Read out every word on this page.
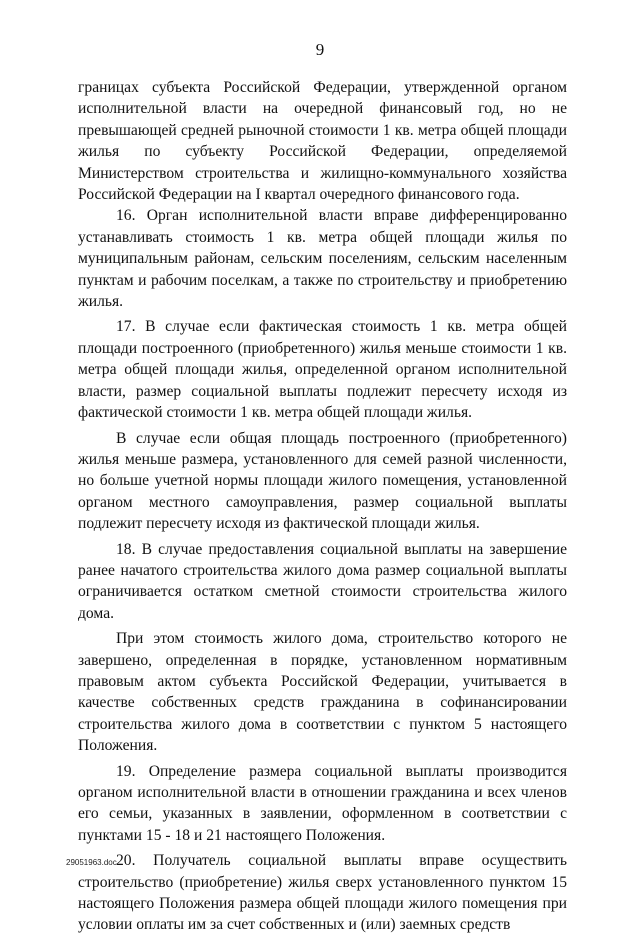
9

границах субъекта Российской Федерации, утвержденной органом исполнительной власти на очередной финансовый год, но не превышающей средней рыночной стоимости 1 кв. метра общей площади жилья по субъекту Российской Федерации, определяемой Министерством строительства и жилищно-коммунального хозяйства Российской Федерации на I квартал очередного финансового года.

16. Орган исполнительной власти вправе дифференцированно устанавливать стоимость 1 кв. метра общей площади жилья по муниципальным районам, сельским поселениям, сельским населенным пунктам и рабочим поселкам, а также по строительству и приобретению жилья.

17. В случае если фактическая стоимость 1 кв. метра общей площади построенного (приобретенного) жилья меньше стоимости 1 кв. метра общей площади жилья, определенной органом исполнительной власти, размер социальной выплаты подлежит пересчету исходя из фактической стоимости 1 кв. метра общей площади жилья.

В случае если общая площадь построенного (приобретенного) жилья меньше размера, установленного для семей разной численности, но больше учетной нормы площади жилого помещения, установленной органом местного самоуправления, размер социальной выплаты подлежит пересчету исходя из фактической площади жилья.

18. В случае предоставления социальной выплаты на завершение ранее начатого строительства жилого дома размер социальной выплаты ограничивается остатком сметной стоимости строительства жилого дома.

При этом стоимость жилого дома, строительство которого не завершено, определенная в порядке, установленном нормативным правовым актом субъекта Российской Федерации, учитывается в качестве собственных средств гражданина в софинансировании строительства жилого дома в соответствии с пунктом 5 настоящего Положения.

19. Определение размера социальной выплаты производится органом исполнительной власти в отношении гражданина и всех членов его семьи, указанных в заявлении, оформленном в соответствии с пунктами 15 - 18 и 21 настоящего Положения.

20. Получатель социальной выплаты вправе осуществить строительство (приобретение) жилья сверх установленного пунктом 15 настоящего Положения размера общей площади жилого помещения при условии оплаты им за счет собственных и (или) заемных средств

29051963.doc
